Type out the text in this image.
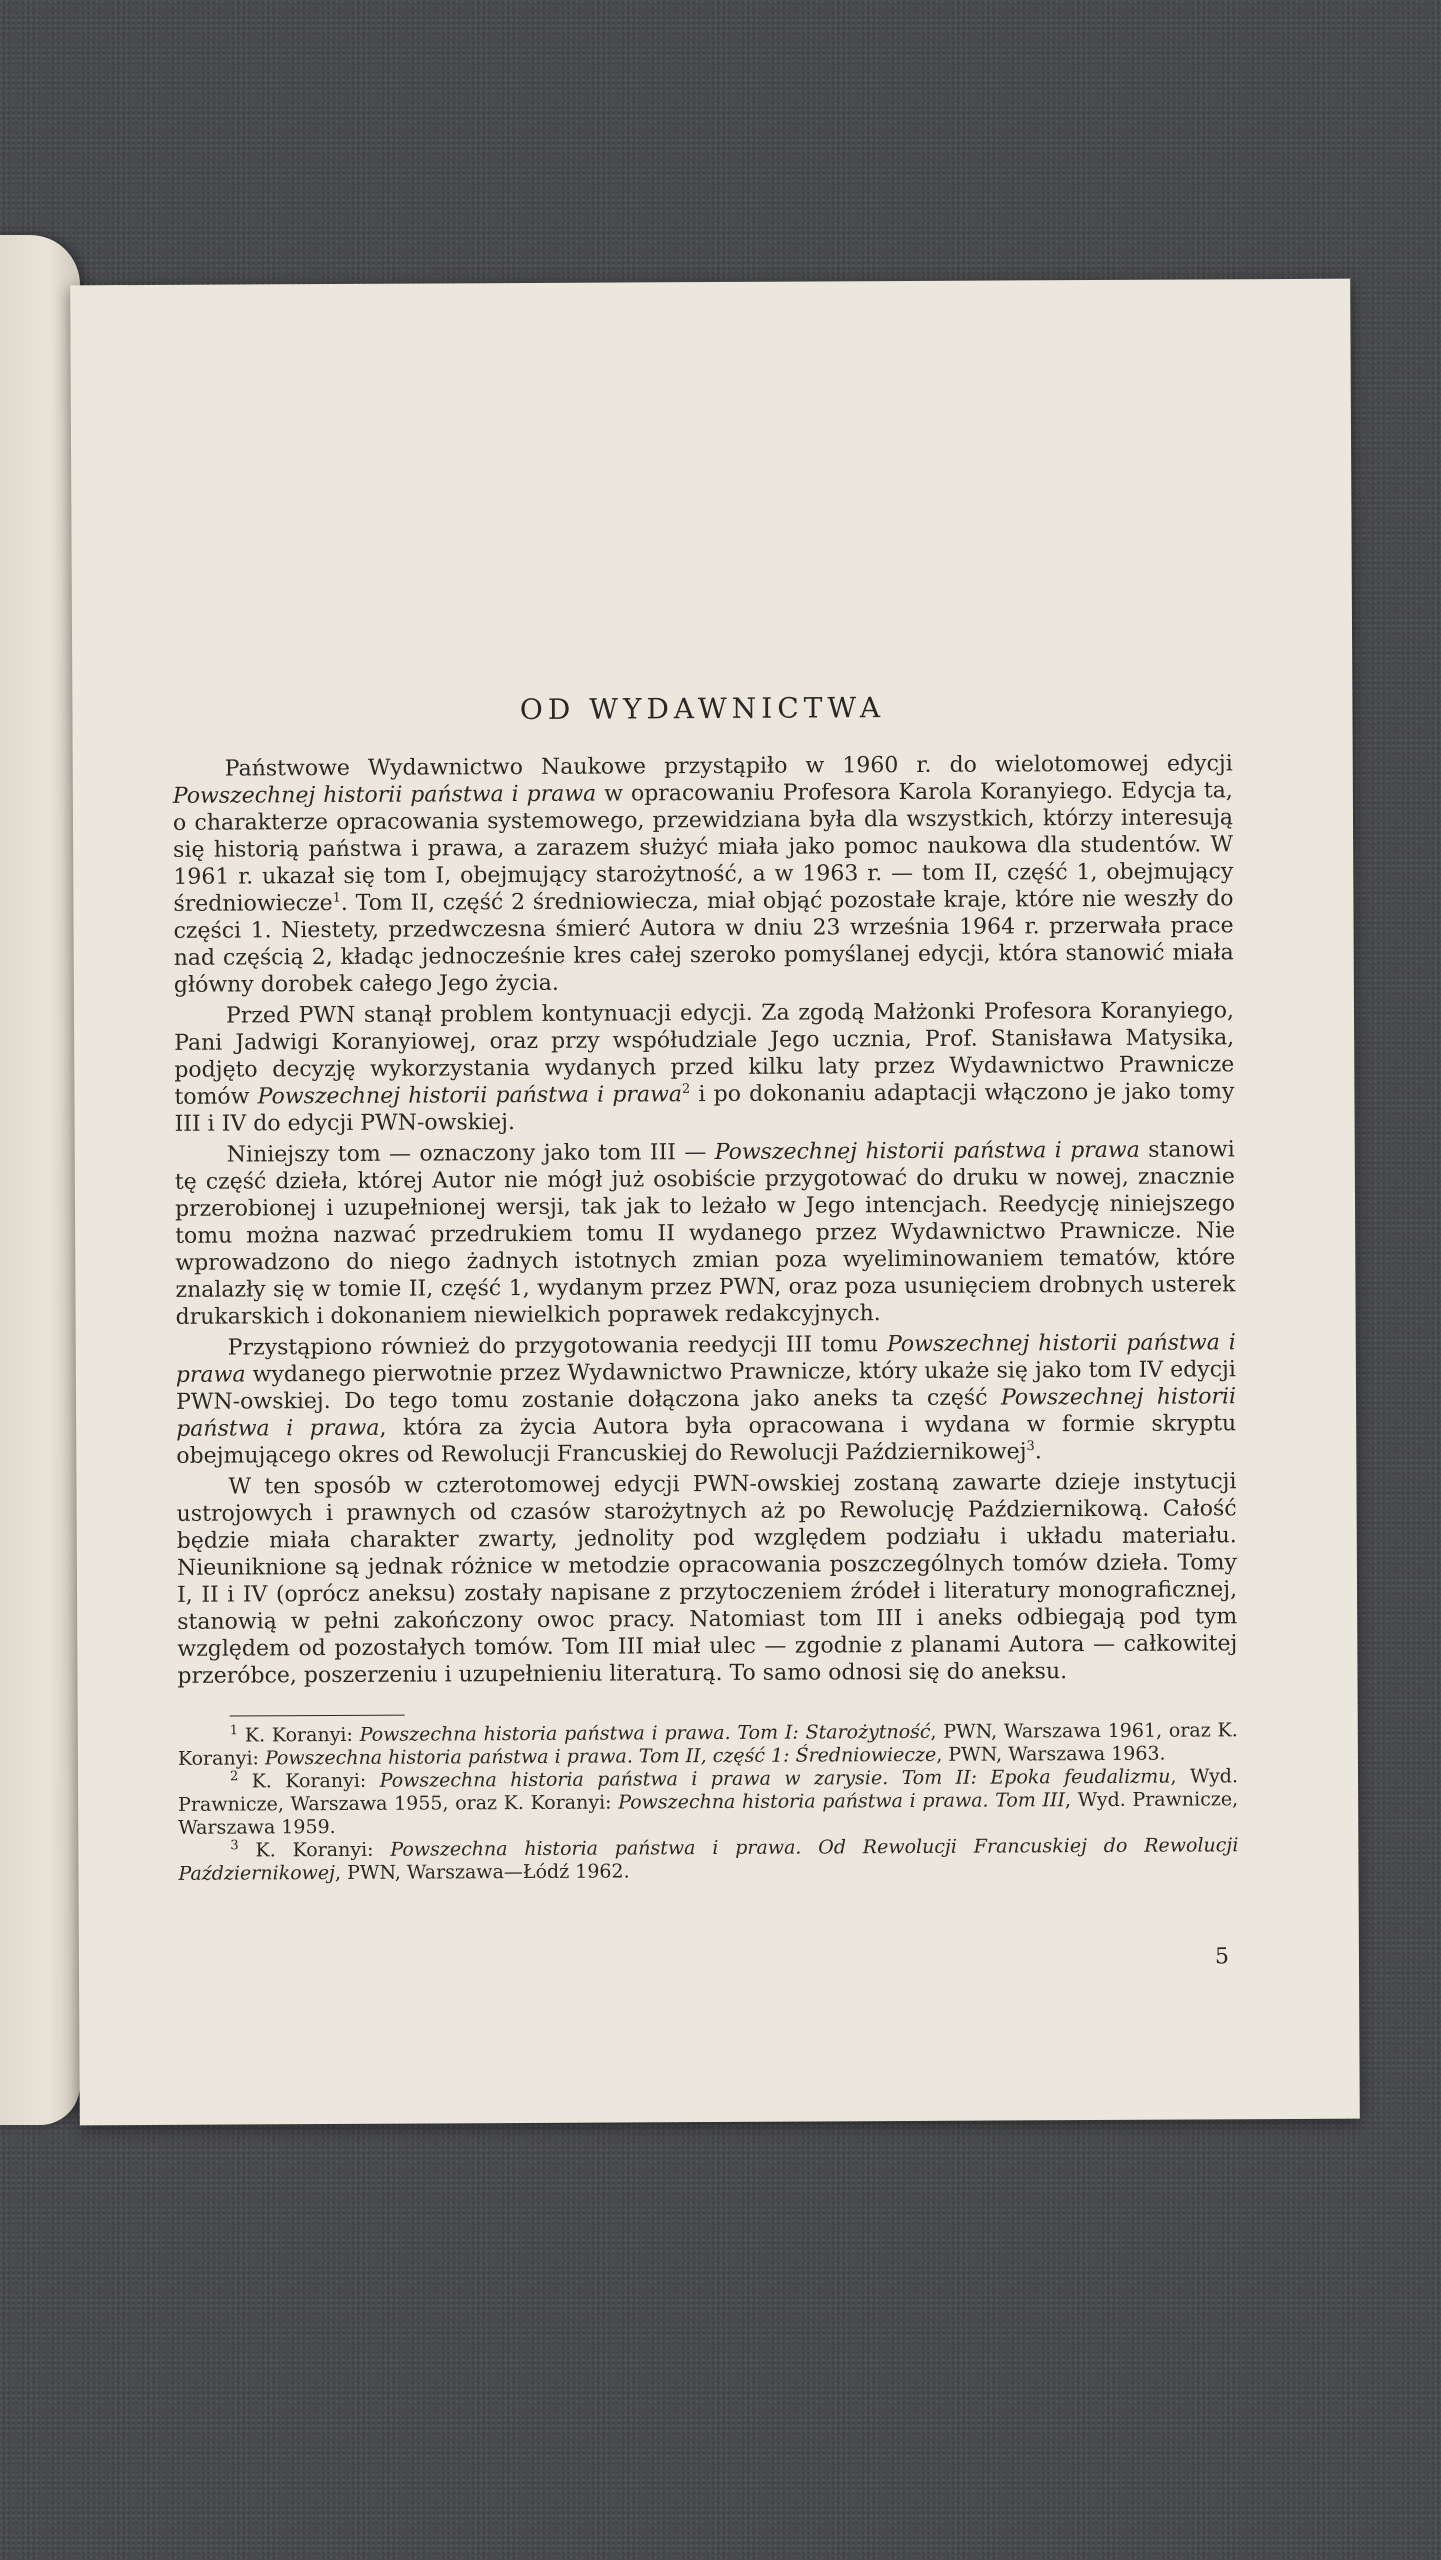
OD WYDAWNICTWA

Państwowe Wydawnictwo Naukowe przystąpiło w 1960 r. do wielotomowej edycji Powszechnej historii państwa i prawa w opracowaniu Profesora Karola Koranyiego. Edycja ta, o charakterze opracowania systemowego, przewidziana była dla wszystkich, którzy interesują się historią państwa i prawa, a zarazem służyć miała jako pomoc naukowa dla studentów. W 1961 r. ukazał się tom I, obejmujący starożytność, a w 1963 r. — tom II, część 1, obejmujący średniowiecze$^1$. Tom II, część 2 średniowiecza, miał objąć pozostałe kraje, które nie weszły do części 1. Niestety, przedwczesna śmierć Autora w dniu 23 września 1964 r. przerwała prace nad częścią 2, kładąc jednocześnie kres całej szeroko pomyślanej edycji, która stanowić miała główny dorobek całego Jego życia.

Przed PWN stanął problem kontynuacji edycji. Za zgodą Małżonki Profesora Koranyiego, Pani Jadwigi Koranyiowej, oraz przy współudziale Jego ucznia, Prof. Stanisława Matysika, podjęto decyzję wykorzystania wydanych przed kilku laty przez Wydawnictwo Prawnicze tomów Powszechnej historii państwa i prawa$^2$ i po dokonaniu adaptacji włączono je jako tomy III i IV do edycji PWN-owskiej.

Niniejszy tom — oznaczony jako tom III — Powszechnej historii państwa i prawa stanowi tę część dzieła, której Autor nie mógł już osobiście przygotować do druku w nowej, znacznie przerobionej i uzupełnionej wersji, tak jak to leżało w Jego intencjach. Reedycję niniejszego tomu można nazwać przedrukiem tomu II wydanego przez Wydawnictwo Prawnicze. Nie wprowadzono do niego żadnych istotnych zmian poza wyeliminowaniem tematów, które znalazły się w tomie II, część 1, wydanym przez PWN, oraz poza usunięciem drobnych usterek drukarskich i dokonaniem niewielkich poprawek redakcyjnych.

Przystąpiono również do przygotowania reedycji III tomu Powszechnej historii państwa i prawa wydanego pierwotnie przez Wydawnictwo Prawnicze, który ukaże się jako tom IV edycji PWN-owskiej. Do tego tomu zostanie dołączona jako aneks ta część Powszechnej historii państwa i prawa, która za życia Autora była opracowana i wydana w formie skryptu obejmującego okres od Rewolucji Francuskiej do Rewolucji Październikowej$^3$.

W ten sposób w czterotomowej edycji PWN-owskiej zostaną zawarte dzieje instytucji ustrojowych i prawnych od czasów starożytnych aż po Rewolucję Październikową. Całość będzie miała charakter zwarty, jednolity pod względem podziału i układu materiału. Nieuniknione są jednak różnice w metodzie opracowania poszczególnych tomów dzieła. Tomy I, II i IV (oprócz aneksu) zostały napisane z przytoczeniem źródeł i literatury monograficznej, stanowią w pełni zakończony owoc pracy. Natomiast tom III i aneks odbiegają pod tym względem od pozostałych tomów. Tom III miał ulec — zgodnie z planami Autora — całkowitej przeróbce, poszerzeniu i uzupełnieniu literaturą. To samo odnosi się do aneksu.

$^1$ K. Koranyi: Powszechna historia państwa i prawa. Tom I: Starożytność, PWN, Warszawa 1961, oraz K. Koranyi: Powszechna historia państwa i prawa. Tom II, część 1: Średniowiecze, PWN, Warszawa 1963.

$^2$ K. Koranyi: Powszechna historia państwa i prawa w zarysie. Tom II: Epoka feudalizmu, Wyd. Prawnicze, Warszawa 1955, oraz K. Koranyi: Powszechna historia państwa i prawa. Tom III, Wyd. Prawnicze, Warszawa 1959.

$^3$ K. Koranyi: Powszechna historia państwa i prawa. Od Rewolucji Francuskiej do Rewolucji Październikowej, PWN, Warszawa—Łódź 1962.

5
